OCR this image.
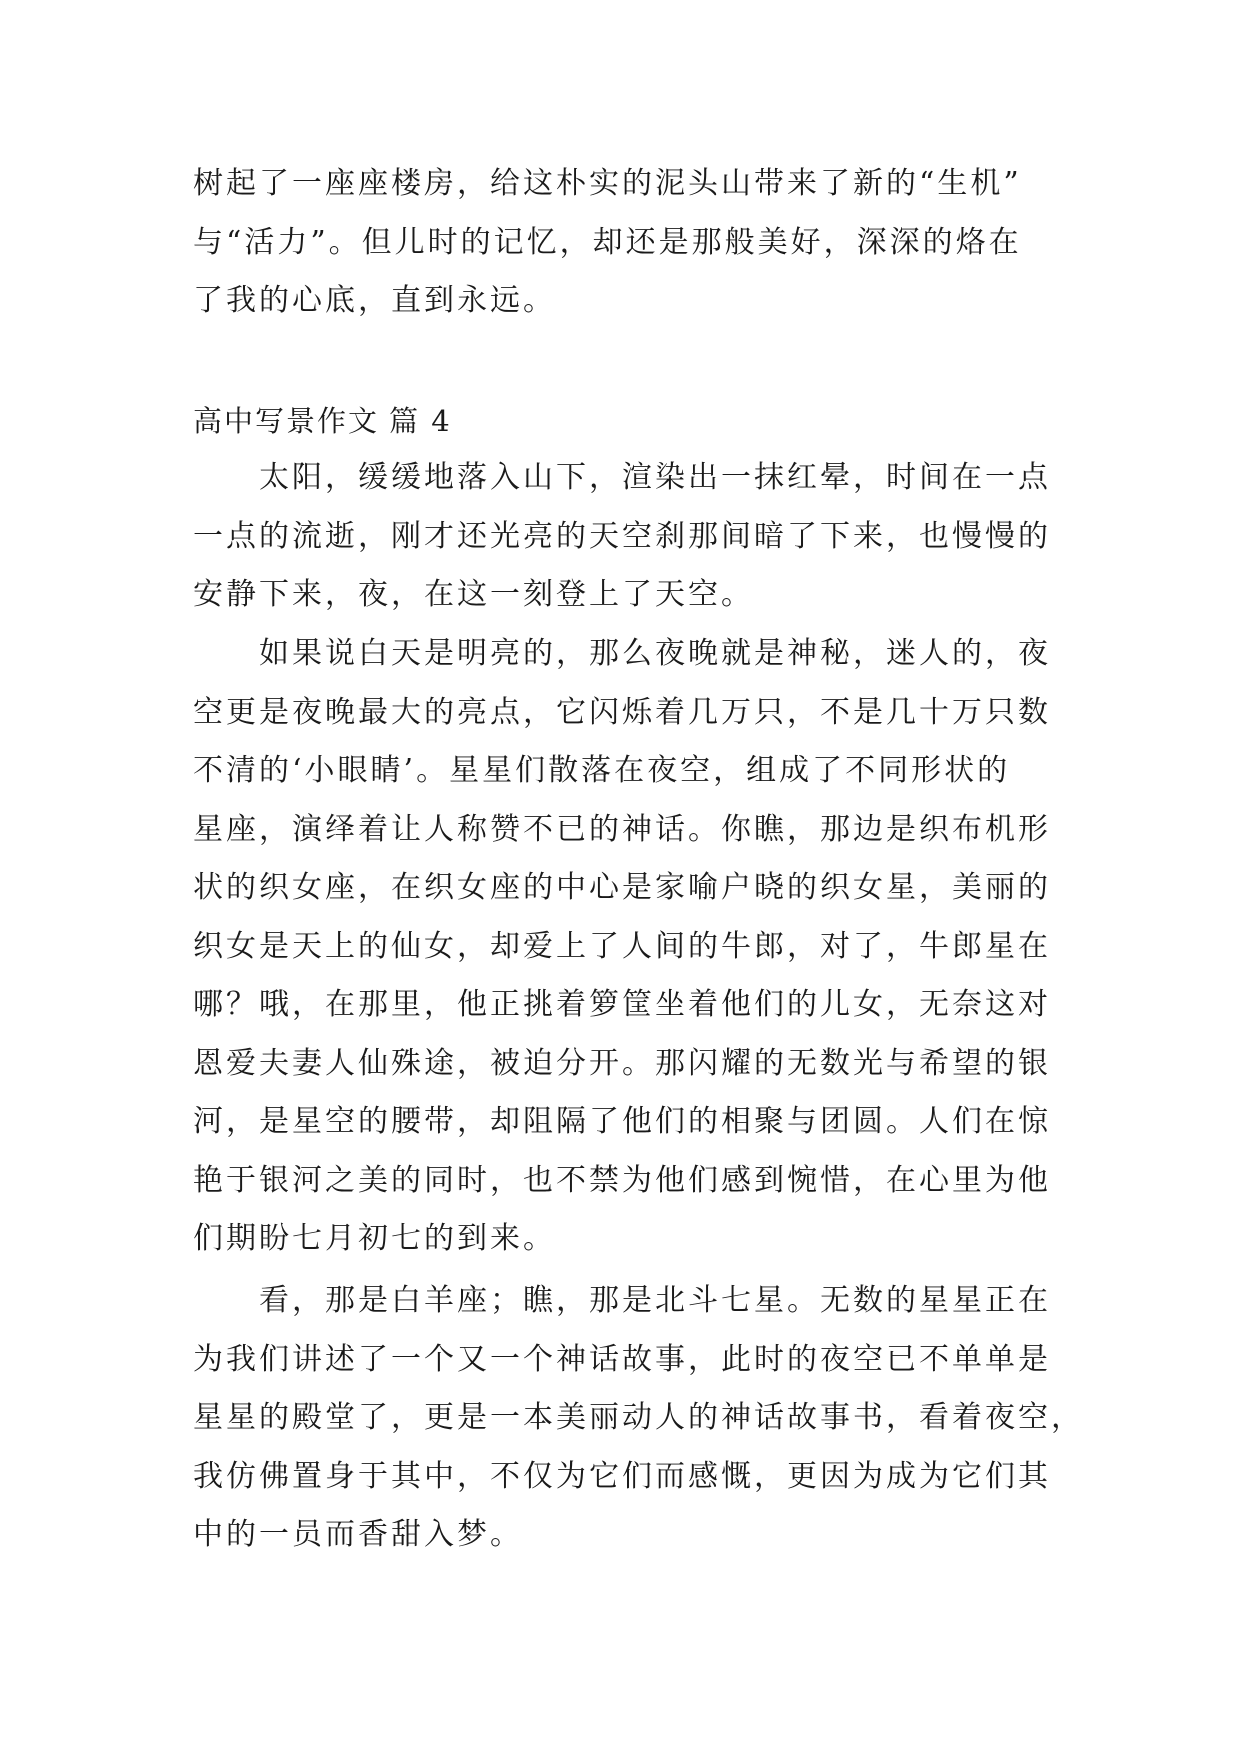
树起了一座座楼房，给这朴实的泥头山带来了新的“生机”
与“活力”。但儿时的记忆，却还是那般美好，深深的烙在
了我的心底，直到永远。
高中写景作文 篇 4
太阳，缓缓地落入山下，渲染出一抹红晕，时间在一点
一点的流逝，刚才还光亮的天空刹那间暗了下来，也慢慢的
安静下来，夜，在这一刻登上了天空。
如果说白天是明亮的，那么夜晚就是神秘，迷人的，夜
空更是夜晚最大的亮点，它闪烁着几万只，不是几十万只数
不清的‘小眼睛’。星星们散落在夜空，组成了不同形状的
星座，演绎着让人称赞不已的神话。你瞧，那边是织布机形
状的织女座，在织女座的中心是家喻户晓的织女星，美丽的
织女是天上的仙女，却爱上了人间的牛郎，对了，牛郎星在
哪？哦，在那里，他正挑着箩筐坐着他们的儿女，无奈这对
恩爱夫妻人仙殊途，被迫分开。那闪耀的无数光与希望的银
河，是星空的腰带，却阻隔了他们的相聚与团圆。人们在惊
艳于银河之美的同时，也不禁为他们感到惋惜，在心里为他
们期盼七月初七的到来。
看，那是白羊座；瞧，那是北斗七星。无数的星星正在
为我们讲述了一个又一个神话故事，此时的夜空已不单单是
星星的殿堂了，更是一本美丽动人的神话故事书，看着夜空，
我仿佛置身于其中，不仅为它们而感慨，更因为成为它们其
中的一员而香甜入梦。
